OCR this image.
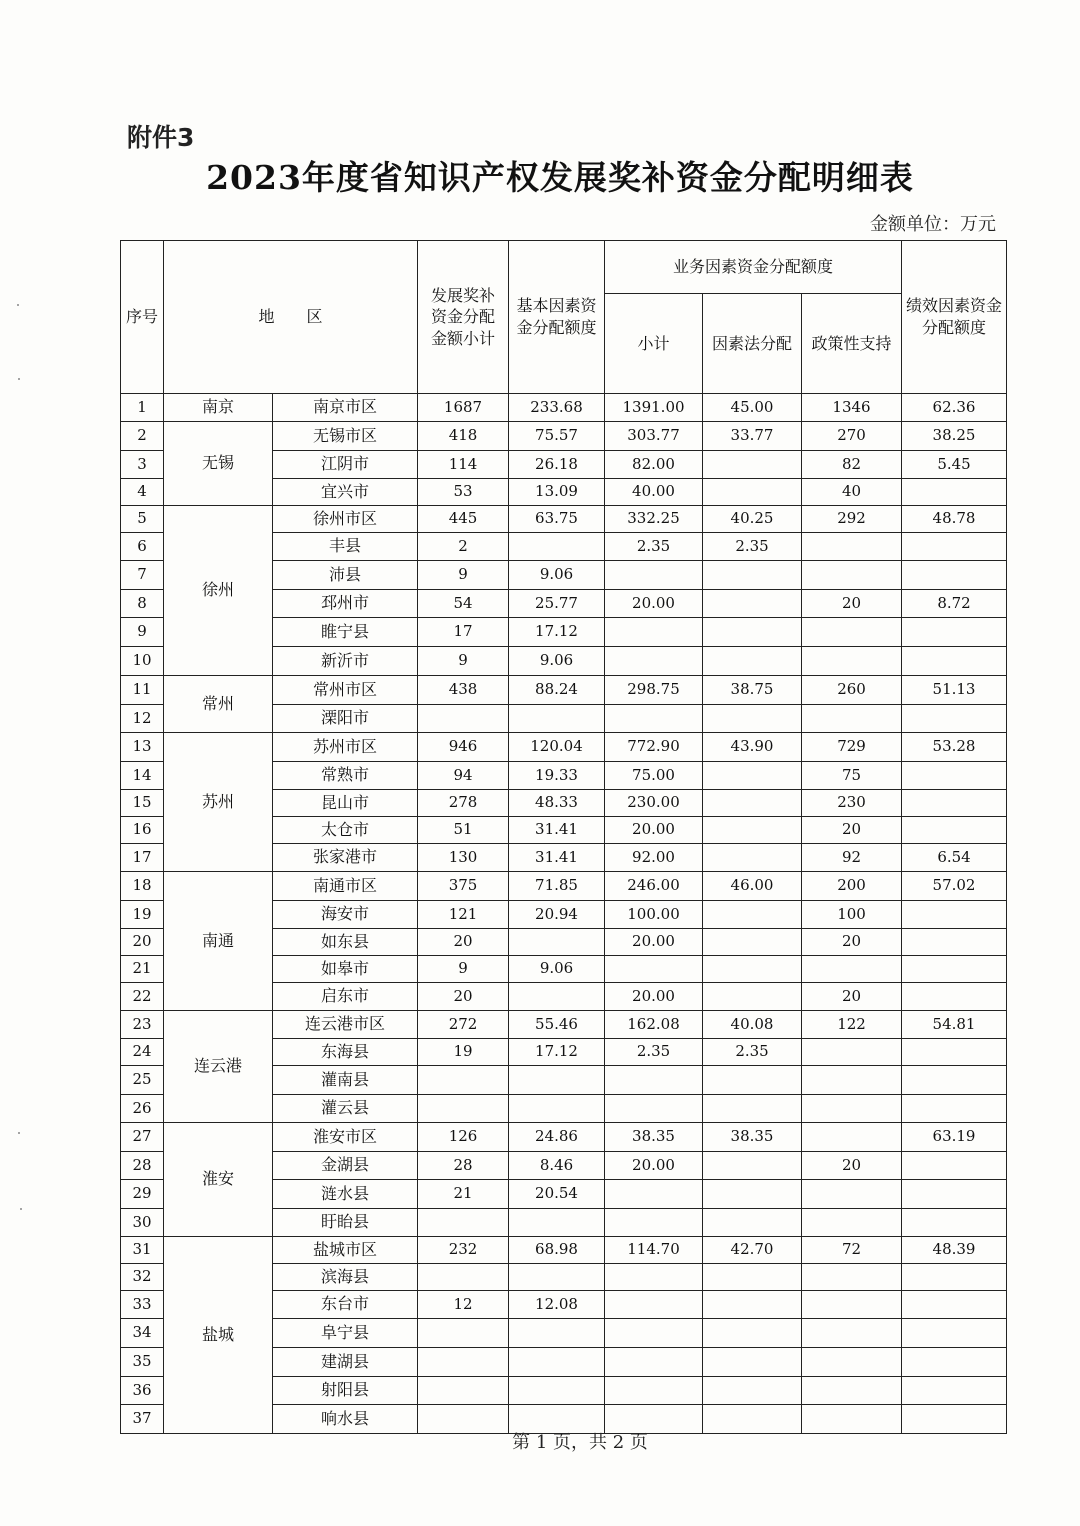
附件3
2023年度省知识产权发展奖补资金分配明细表
金额单位：万元
序号	地　　区		发展奖补资金分配金额小计	基本因素资金分配额度	业务因素资金分配额度			绩效因素资金分配额度
					小计	因素法分配	政策性支持	
1	南京	南京市区	1687	233.68	1391.00	45.00	1346	62.36
2	无锡	无锡市区	418	75.57	303.77	33.77	270	38.25
3		江阴市	114	26.18	82.00		82	5.45
4		宜兴市	53	13.09	40.00		40	
5	徐州	徐州市区	445	63.75	332.25	40.25	292	48.78
6		丰县	2		2.35	2.35		
7		沛县	9	9.06				
8		邳州市	54	25.77	20.00		20	8.72
9		睢宁县	17	17.12				
10		新沂市	9	9.06				
11	常州	常州市区	438	88.24	298.75	38.75	260	51.13
12		溧阳市						
13	苏州	苏州市区	946	120.04	772.90	43.90	729	53.28
14		常熟市	94	19.33	75.00		75	
15		昆山市	278	48.33	230.00		230	
16		太仓市	51	31.41	20.00		20	
17		张家港市	130	31.41	92.00		92	6.54
18	南通	南通市区	375	71.85	246.00	46.00	200	57.02
19		海安市	121	20.94	100.00		100	
20		如东县	20		20.00		20	
21		如皋市	9	9.06				
22		启东市	20		20.00		20	
23	连云港	连云港市区	272	55.46	162.08	40.08	122	54.81
24		东海县	19	17.12	2.35	2.35		
25		灌南县						
26		灌云县						
27	淮安	淮安市区	126	24.86	38.35	38.35		63.19
28		金湖县	28	8.46	20.00		20	
29		涟水县	21	20.54				
30		盱眙县						
31	盐城	盐城市区	232	68.98	114.70	42.70	72	48.39
32		滨海县						
33		东台市	12	12.08				
34		阜宁县						
35		建湖县						
36		射阳县						
37		响水县						
第 1 页，共 2 页
